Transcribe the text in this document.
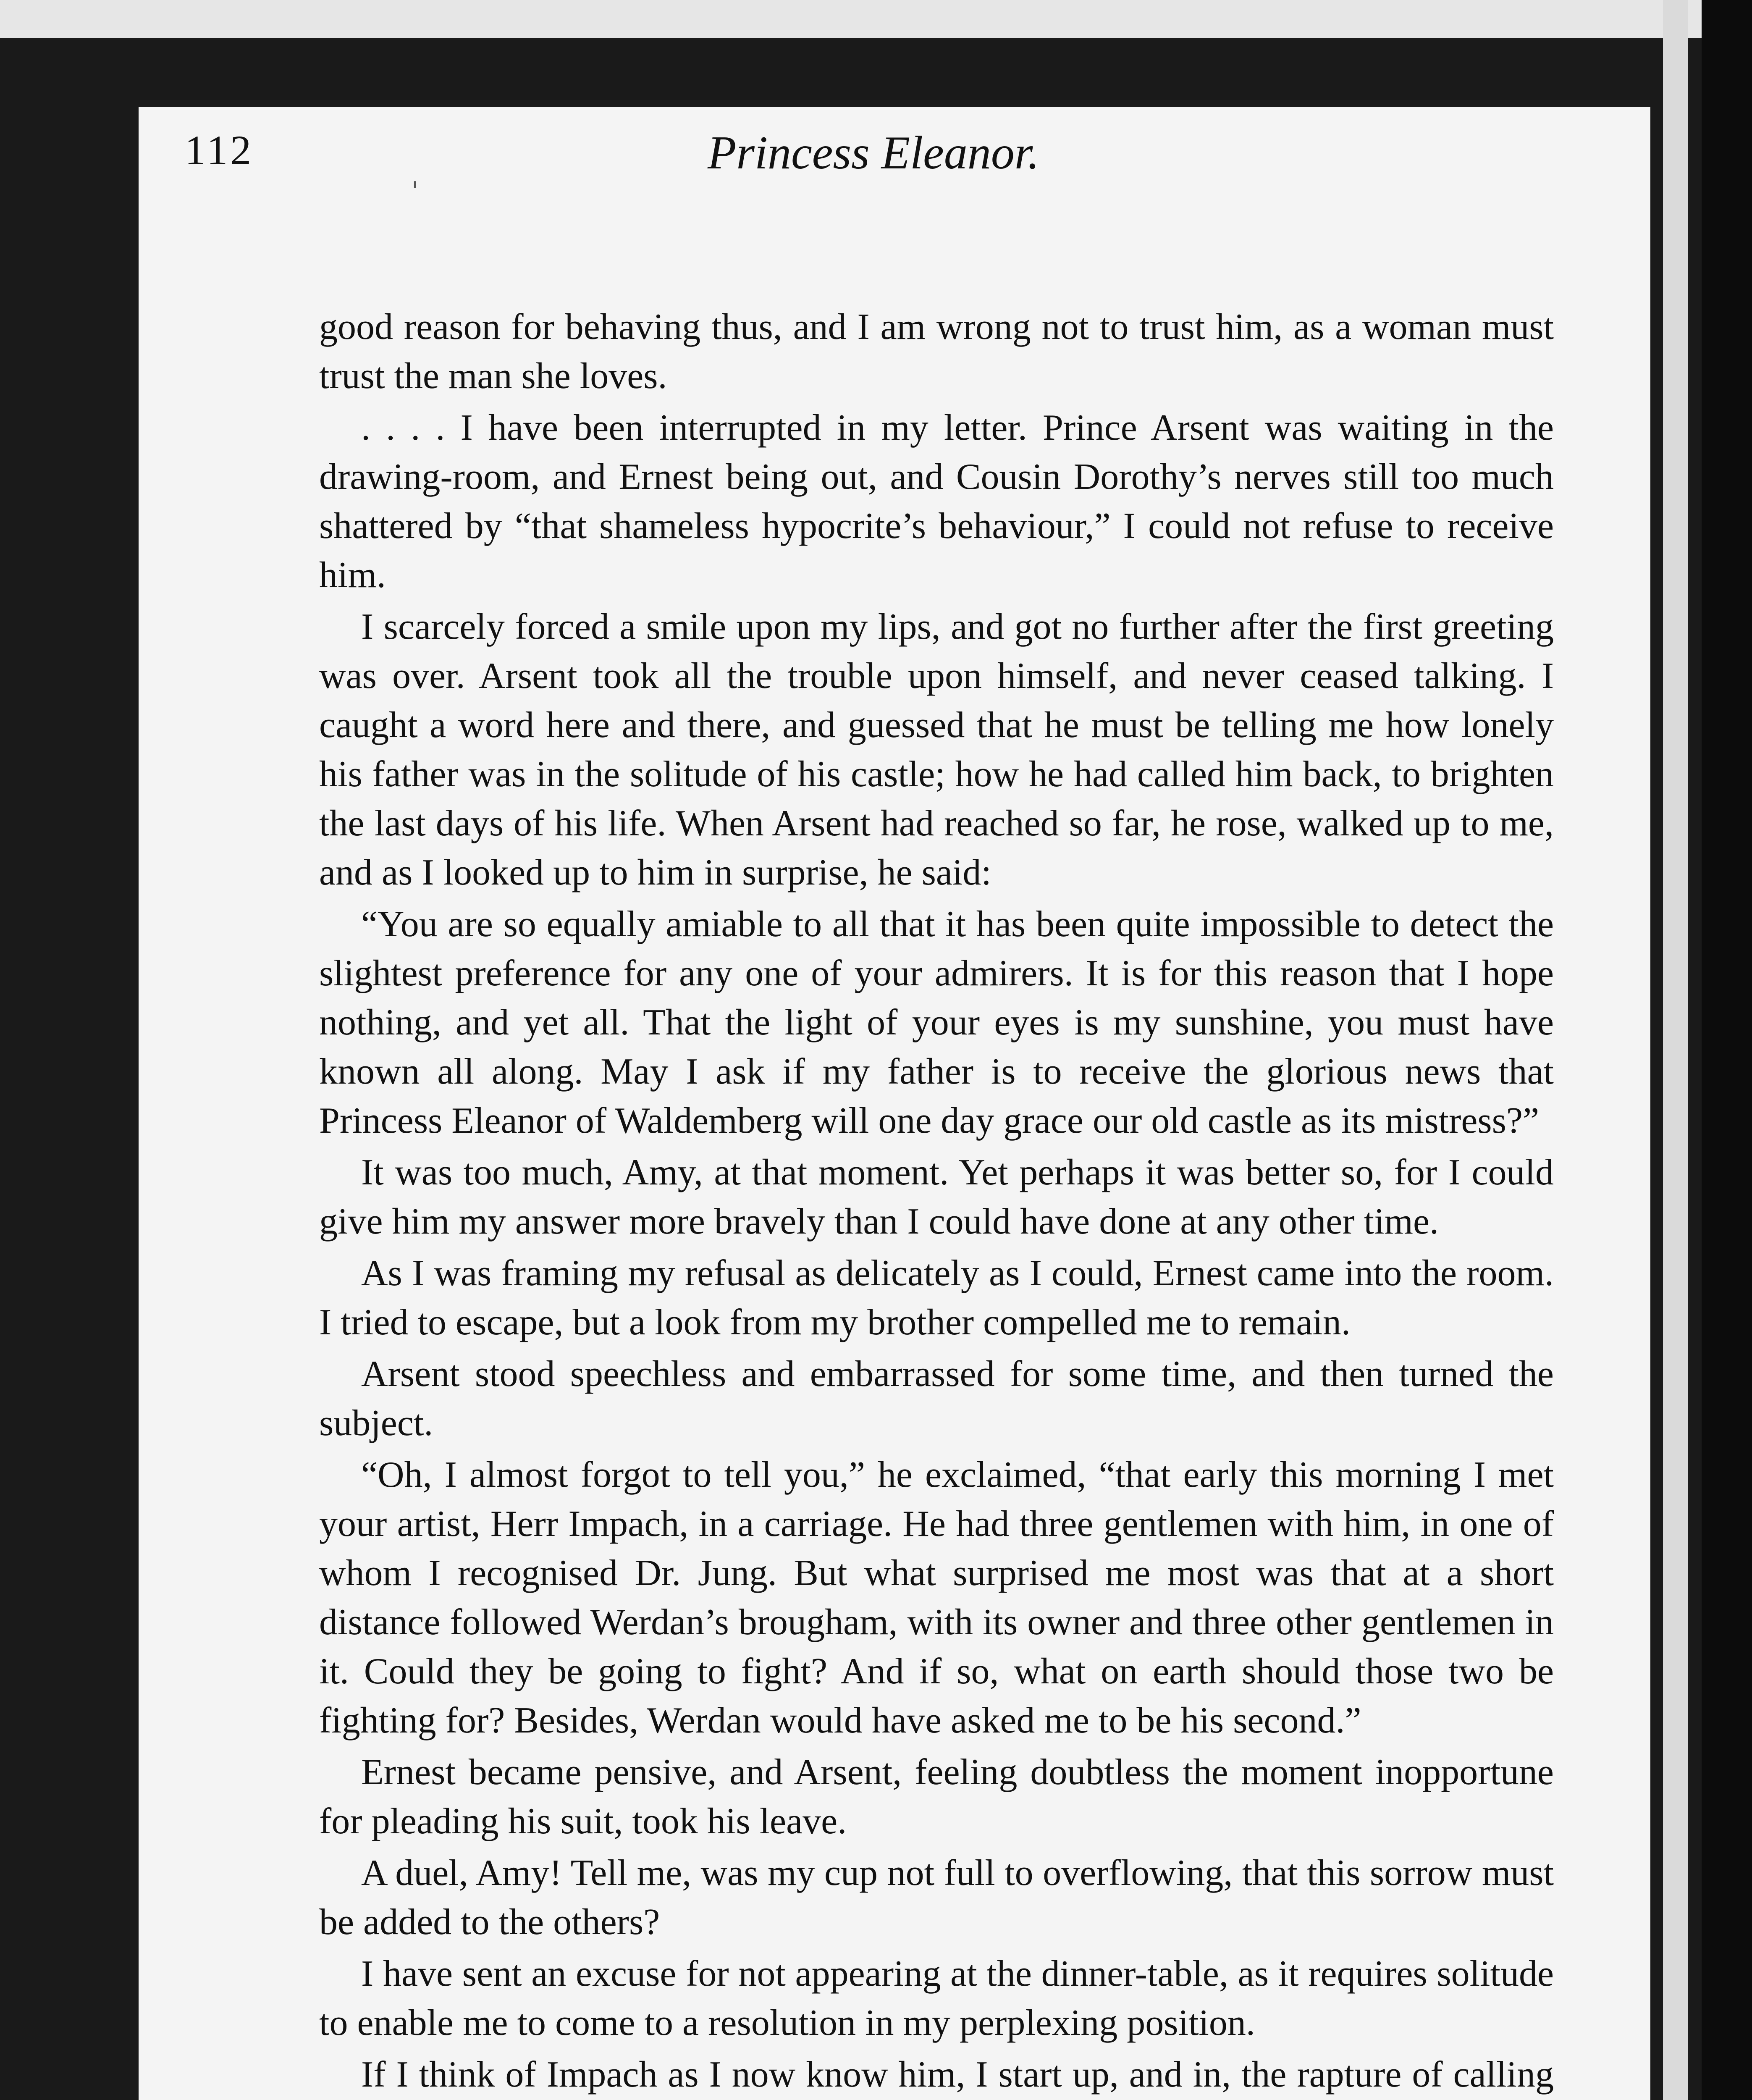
'
112	Princess Eleanor.

good reason for behaving thus, and I am wrong not to trust him, as a woman must trust the man she loves.

. . . . I have been interrupted in my letter. Prince Arsent was waiting in the drawing-room, and Ernest being out, and Cousin Dorothy’s nerves still too much shattered by “that shameless hypocrite’s behaviour,” I could not refuse to receive him.

I scarcely forced a smile upon my lips, and got no further after the first greeting was over. Arsent took all the trouble upon himself, and never ceased talking. I caught a word here and there, and guessed that he must be telling me how lonely his father was in the solitude of his castle; how he had called him back, to brighten the last days of his life. When Arsent had reached so far, he rose, walked up to me, and as I looked up to him in surprise, he said:

“You are so equally amiable to all that it has been quite impossible to detect the slightest preference for any one of your admirers. It is for this reason that I hope nothing, and yet all. That the light of your eyes is my sunshine, you must have known all along. May I ask if my father is to receive the glorious news that Princess Eleanor of Waldemberg will one day grace our old castle as its mistress?”

It was too much, Amy, at that moment. Yet perhaps it was better so, for I could give him my answer more bravely than I could have done at any other time.

As I was framing my refusal as delicately as I could, Ernest came into the room. I tried to escape, but a look from my brother compelled me to remain.

Arsent stood speechless and embarrassed for some time, and then turned the subject.

“Oh, I almost forgot to tell you,” he exclaimed, “that early this morning I met your artist, Herr Impach, in a carriage. He had three gentlemen with him, in one of whom I recognised Dr. Jung. But what surprised me most was that at a short distance followed Werdan’s brougham, with its owner and three other gentlemen in it. Could they be going to fight? And if so, what on earth should those two be fighting for? Besides, Werdan would have asked me to be his second.”

Ernest became pensive, and Arsent, feeling doubtless the moment inopportune for pleading his suit, took his leave.

A duel, Amy! Tell me, was my cup not full to overflowing, that this sorrow must be added to the others?

I have sent an excuse for not appearing at the dinner-table, as it requires solitude to enable me to come to a resolution in my perplexing position.

If I think of Impach as I now know him, I start up, and in, the rapture of calling
